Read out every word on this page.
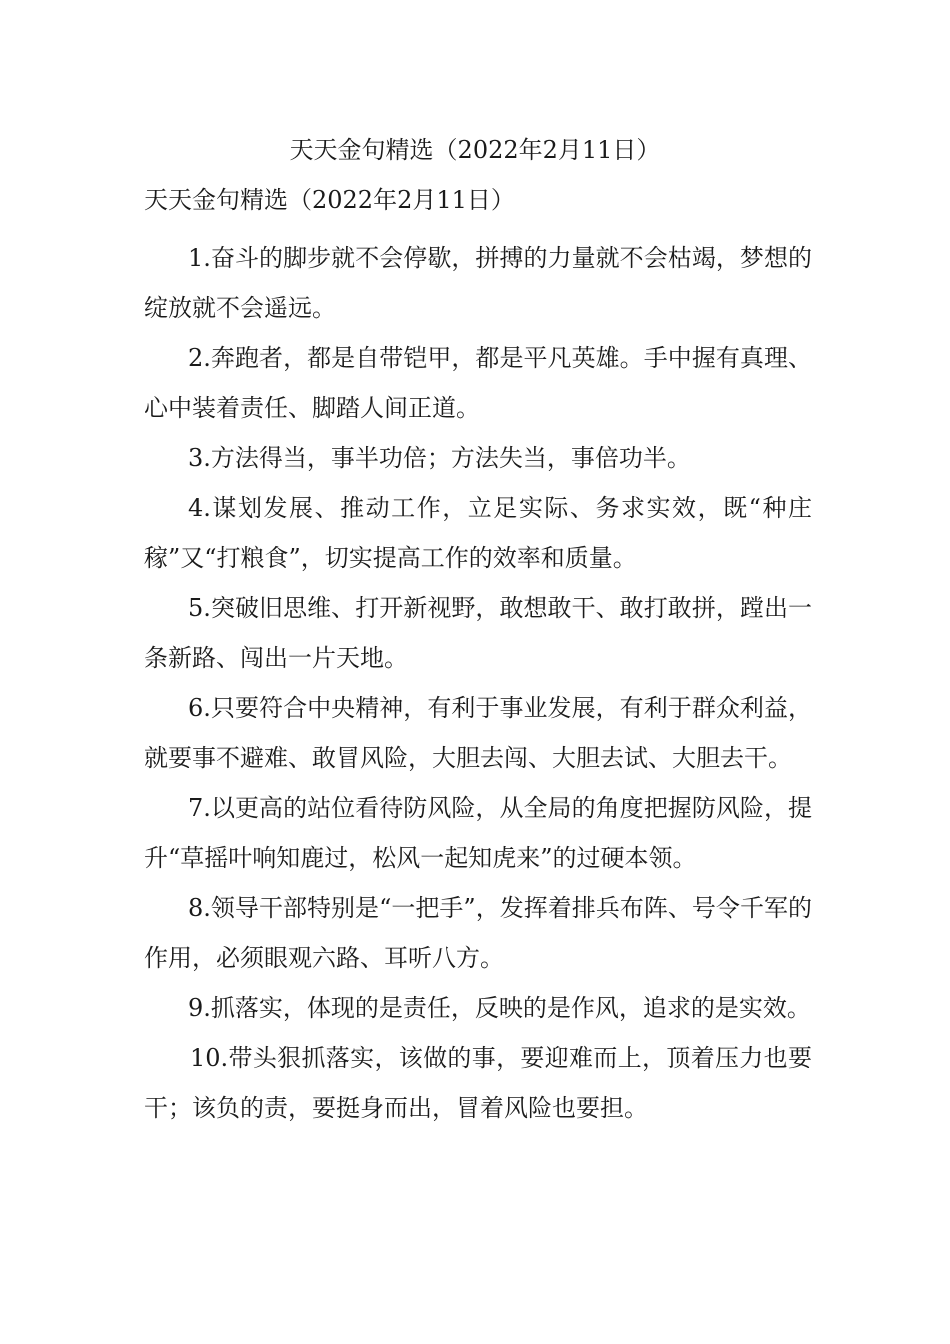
天天金句精选（2022年2月11日）
天天金句精选（2022年2月11日）

1.奋斗的脚步就不会停歇，拼搏的力量就不会枯竭，梦想的绽放就不会遥远。

2.奔跑者，都是自带铠甲，都是平凡英雄。手中握有真理、心中装着责任、脚踏人间正道。

3.方法得当，事半功倍；方法失当，事倍功半。

4.谋划发展、推动工作，立足实际、务求实效，既“种庄稼”又“打粮食”，切实提高工作的效率和质量。

5.突破旧思维、打开新视野，敢想敢干、敢打敢拼，蹚出一条新路、闯出一片天地。

6.只要符合中央精神，有利于事业发展，有利于群众利益，就要事不避难、敢冒风险，大胆去闯、大胆去试、大胆去干。

7.以更高的站位看待防风险，从全局的角度把握防风险，提升“草摇叶响知鹿过，松风一起知虎来”的过硬本领。

8.领导干部特别是“一把手”，发挥着排兵布阵、号令千军的作用，必须眼观六路、耳听八方。

9.抓落实，体现的是责任，反映的是作风，追求的是实效。

10.带头狠抓落实，该做的事，要迎难而上，顶着压力也要干；该负的责，要挺身而出，冒着风险也要担。
